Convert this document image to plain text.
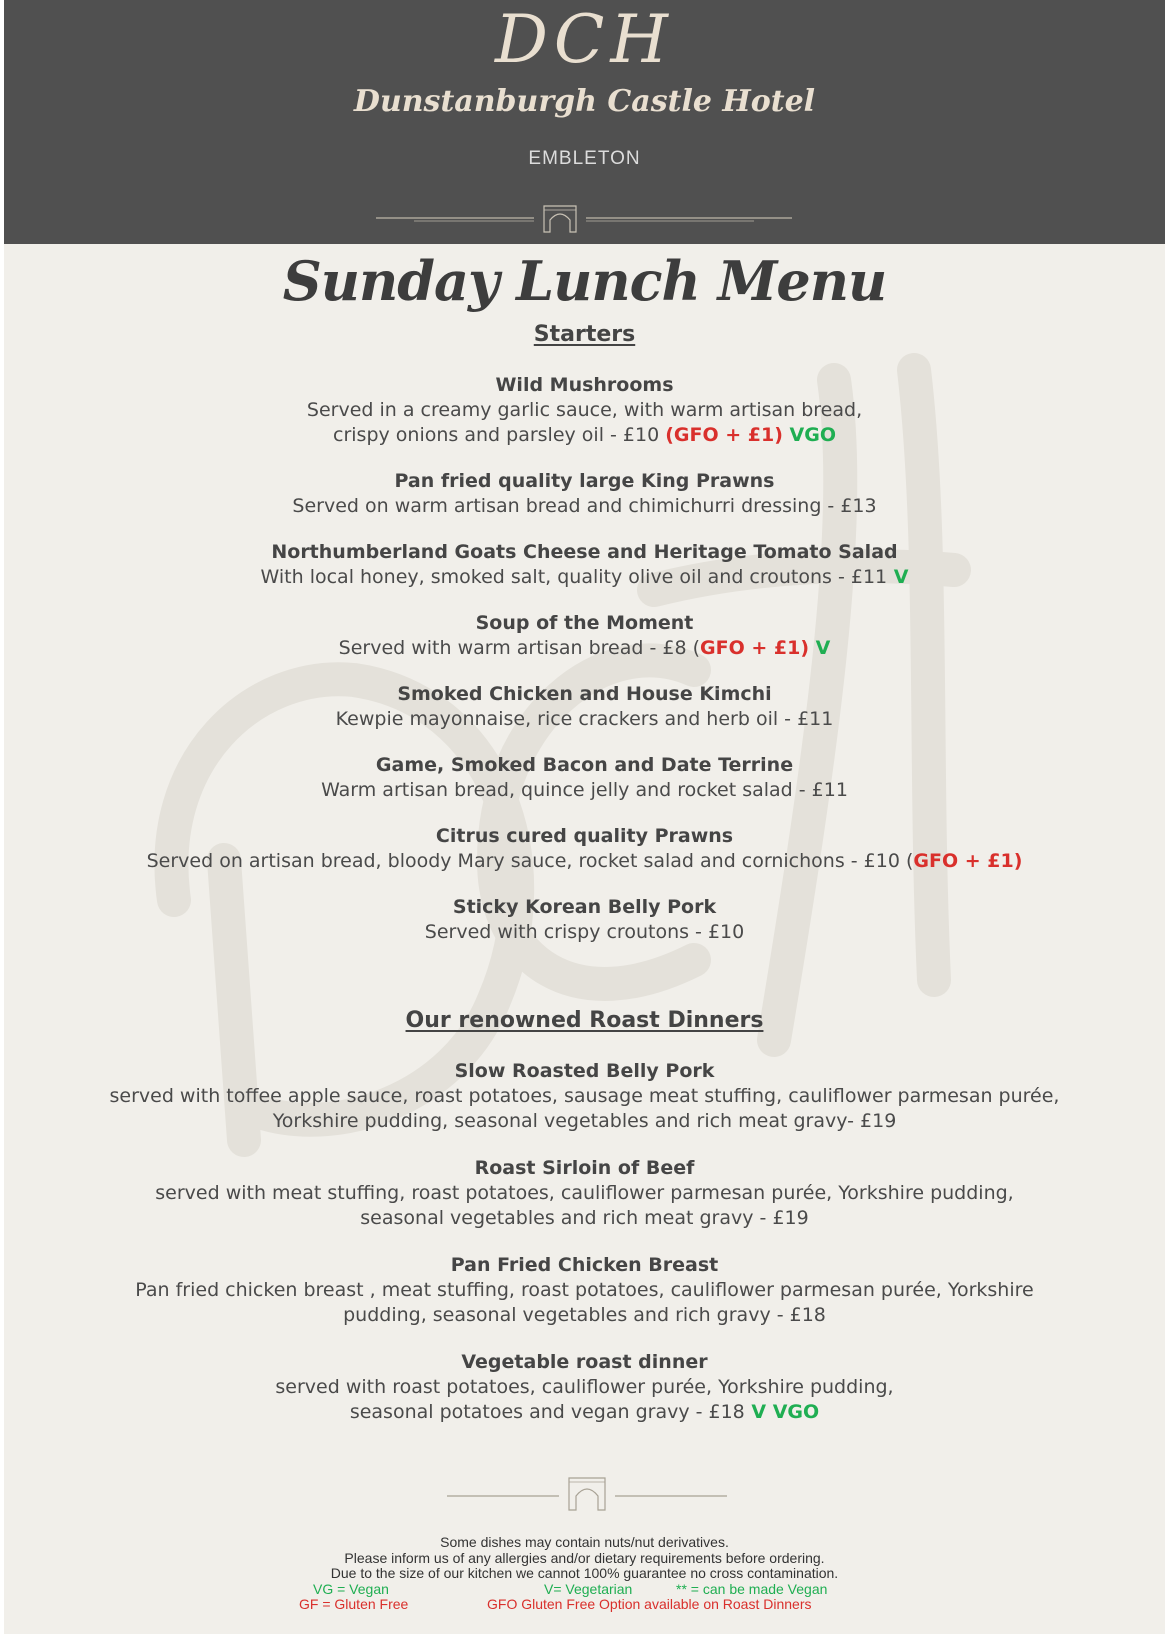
DCH
Dunstanburgh Castle Hotel
EMBLETON
Sunday Lunch Menu
Starters
Wild Mushrooms
Served in a creamy garlic sauce, with warm artisan bread,
crispy onions and parsley oil - £10 (GFO + £1) VGO
Pan fried quality large King Prawns
Served on warm artisan bread and chimichurri dressing - £13
Northumberland Goats Cheese and Heritage Tomato Salad
With local honey, smoked salt, quality olive oil and croutons - £11 V
Soup of the Moment
Served with warm artisan bread - £8 (GFO + £1) V
Smoked Chicken and House Kimchi
Kewpie mayonnaise, rice crackers and herb oil - £11
Game, Smoked Bacon and Date Terrine
Warm artisan bread, quince jelly and rocket salad - £11
Citrus cured quality Prawns
Served on artisan bread, bloody Mary sauce, rocket salad and cornichons - £10 (GFO + £1)
Sticky Korean Belly Pork
Served with crispy croutons - £10
Our renowned Roast Dinners
Slow Roasted Belly Pork
served with toffee apple sauce, roast potatoes, sausage meat stuffing, cauliflower parmesan purée,
Yorkshire pudding, seasonal vegetables and rich meat gravy- £19
Roast Sirloin of Beef
served with meat stuffing, roast potatoes, cauliflower parmesan purée, Yorkshire pudding,
seasonal vegetables and rich meat gravy - £19
Pan Fried Chicken Breast
Pan fried chicken breast , meat stuffing, roast potatoes, cauliflower parmesan purée, Yorkshire
pudding, seasonal vegetables and rich gravy - £18
Vegetable roast dinner
served with roast potatoes, cauliflower purée, Yorkshire pudding,
seasonal potatoes and vegan gravy - £18 V VGO
Some dishes may contain nuts/nut derivatives.
Please inform us of any allergies and/or dietary requirements before ordering.
Due to the size of our kitchen we cannot 100% guarantee no cross contamination.
VG = Vegan	V= Vegetarian	** = can be made Vegan
GF = Gluten Free	GFO Gluten Free Option available on Roast Dinners
